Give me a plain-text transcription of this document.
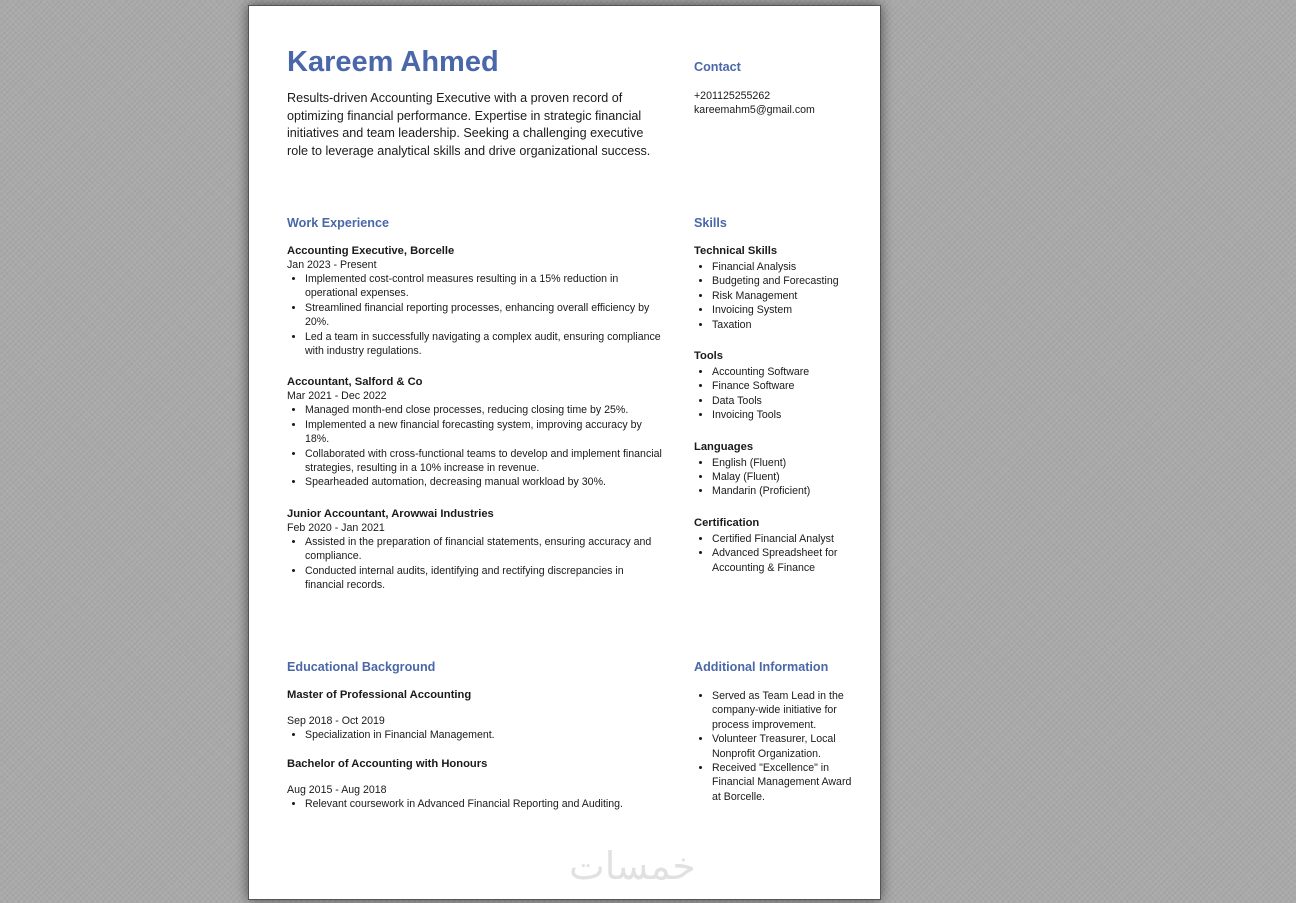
Kareem Ahmed

Results-driven Accounting Executive with a proven record of optimizing financial performance. Expertise in strategic financial initiatives and team leadership. Seeking a challenging executive role to leverage analytical skills and drive organizational success.

Contact

+201125255262

kareemahm5@gmail.com

Work Experience

Accounting Executive, Borcelle

Jan 2023 - Present

• Implemented cost-control measures resulting in a 15% reduction in operational expenses.
• Streamlined financial reporting processes, enhancing overall efficiency by 20%.
• Led a team in successfully navigating a complex audit, ensuring compliance with industry regulations.

Accountant, Salford & Co

Mar 2021 - Dec 2022

• Managed month-end close processes, reducing closing time by 25%.
• Implemented a new financial forecasting system, improving accuracy by 18%.
• Collaborated with cross-functional teams to develop and implement financial strategies, resulting in a 10% increase in revenue.
• Spearheaded automation, decreasing manual workload by 30%.

Junior Accountant, Arowwai Industries

Feb 2020 - Jan 2021

• Assisted in the preparation of financial statements, ensuring accuracy and compliance.
• Conducted internal audits, identifying and rectifying discrepancies in financial records.
Skills

Technical Skills

• Financial Analysis
• Budgeting and Forecasting
• Risk Management
• Invoicing System
• Taxation

Tools

• Accounting Software
• Finance Software
• Data Tools
• Invoicing Tools

Languages

• English (Fluent)
• Malay (Fluent)
• Mandarin (Proficient)

Certification

• Certified Financial Analyst
• Advanced Spreadsheet for Accounting & Finance
Educational Background

Master of Professional Accounting

Sep 2018 - Oct 2019

• Specialization in Financial Management.

Bachelor of Accounting with Honours

Aug 2015 - Aug 2018

• Relevant coursework in Advanced Financial Reporting and Auditing.
Additional Information
• Served as Team Lead in the company-wide initiative for process improvement.
• Volunteer Treasurer, Local Nonprofit Organization.
• Received "Excellence" in Financial Management Award at Borcelle.
خمسات
